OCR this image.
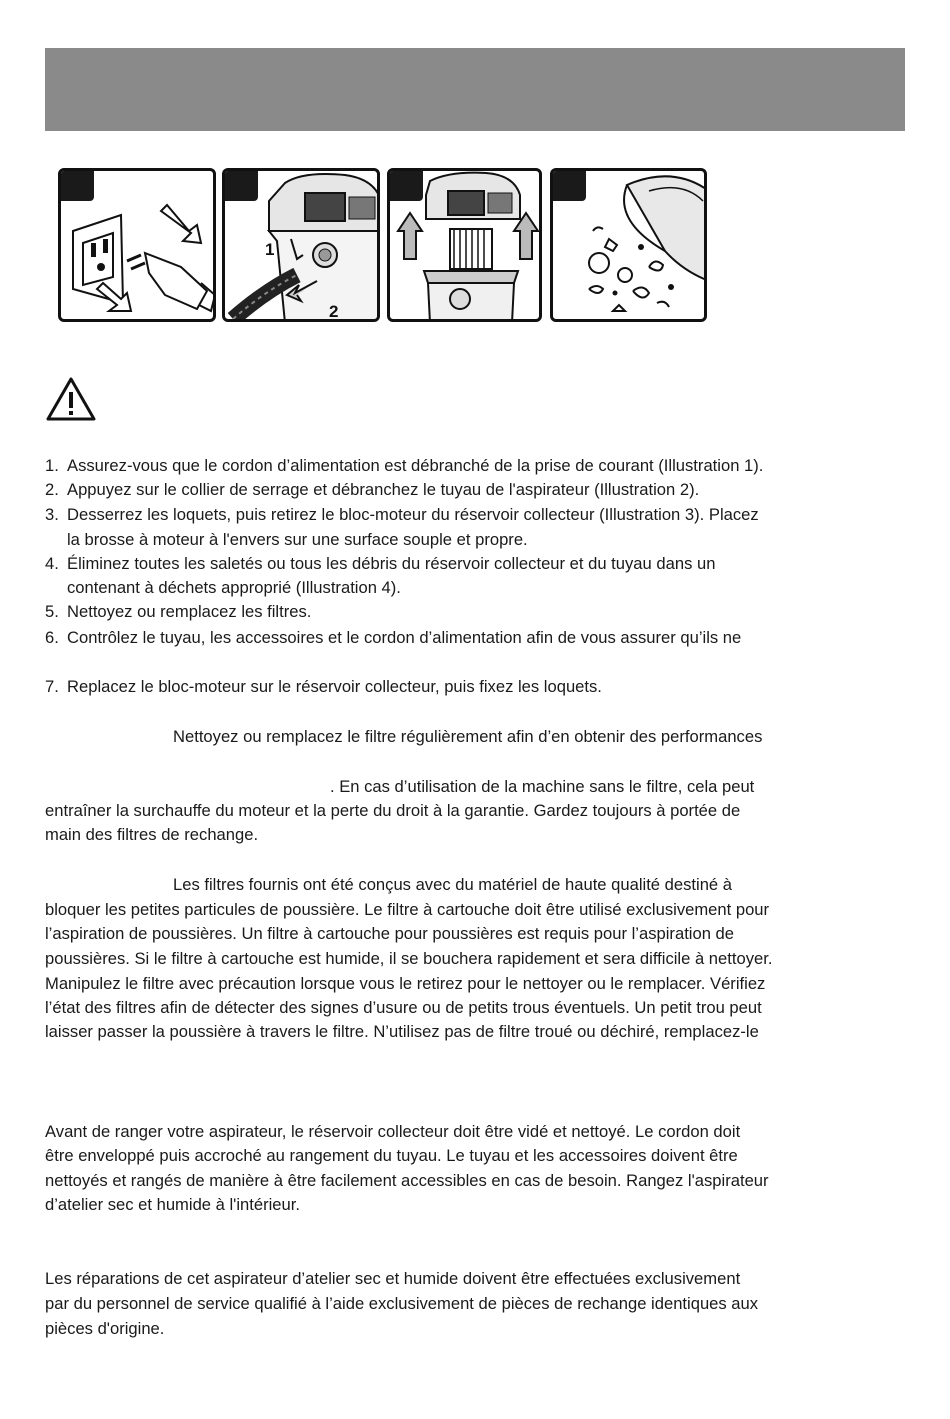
1
2
1. Assurez-vous que le cordon d’alimentation est débranché de la prise de courant (Illustration 1).
2. Appuyez sur le collier de serrage et débranchez le tuyau de l'aspirateur (Illustration 2).
3. Desserrez les loquets, puis retirez le bloc-moteur du réservoir collecteur (Illustration 3). Placez
la brosse à moteur à l'envers sur une surface souple et propre.
4. Éliminez toutes les saletés ou tous les débris du réservoir collecteur et du tuyau dans un
contenant à déchets approprié (Illustration 4).
5. Nettoyez ou remplacez les filtres.
6. Contrôlez le tuyau, les accessoires et le cordon d’alimentation afin de vous assurer qu’ils ne
7. Replacez le bloc-moteur sur le réservoir collecteur, puis fixez les loquets.
Nettoyez ou remplacez le filtre régulièrement afin d’en obtenir des performances
. En cas d’utilisation de la machine sans le filtre, cela peut
entraîner la surchauffe du moteur et la perte du droit à la garantie. Gardez toujours à portée de
main des filtres de rechange.
Les filtres fournis ont été conçus avec du matériel de haute qualité destiné à
bloquer les petites particules de poussière. Le filtre à cartouche doit être utilisé exclusivement pour
l’aspiration de poussières. Un filtre à cartouche pour poussières est requis pour l’aspiration de
poussières. Si le filtre à cartouche est humide, il se bouchera rapidement et sera difficile à nettoyer.
Manipulez le filtre avec précaution lorsque vous le retirez pour le nettoyer ou le remplacer. Vérifiez
l’état des filtres afin de détecter des signes d’usure ou de petits trous éventuels. Un petit trou peut
laisser passer la poussière à travers le filtre. N’utilisez pas de filtre troué ou déchiré, remplacez-le
Avant de ranger votre aspirateur, le réservoir collecteur doit être vidé et nettoyé. Le cordon doit
être enveloppé puis accroché au rangement du tuyau. Le tuyau et les accessoires doivent être
nettoyés et rangés de manière à être facilement accessibles en cas de besoin. Rangez l'aspirateur
d’atelier sec et humide à l'intérieur.
Les réparations de cet aspirateur d’atelier sec et humide doivent être effectuées exclusivement
par du personnel de service qualifié à l’aide exclusivement de pièces de rechange identiques aux
pièces d'origine.
